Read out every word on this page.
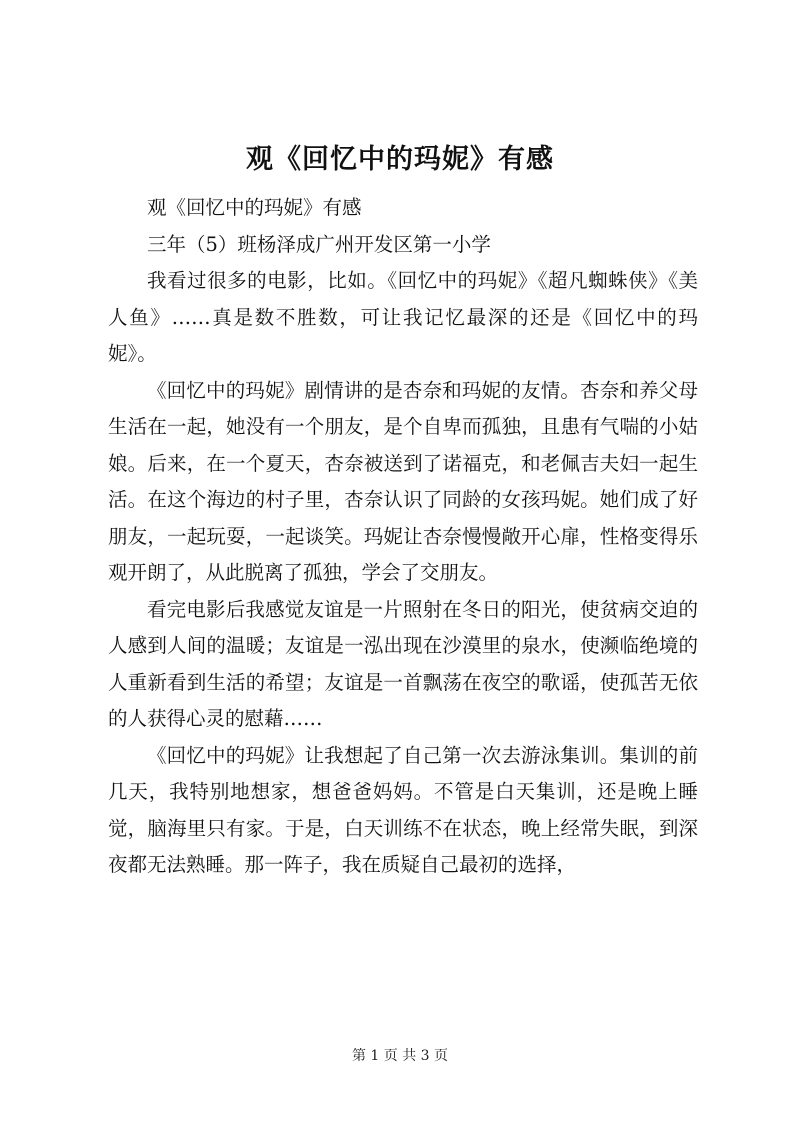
观《回忆中的玛妮》有感

观《回忆中的玛妮》有感

三年（5）班杨泽成广州开发区第一小学

我看过很多的电影，比如。《回忆中的玛妮》《超凡蜘蛛侠》《美人鱼》……真是数不胜数，可让我记忆最深的还是《回忆中的玛妮》。

《回忆中的玛妮》剧情讲的是杏奈和玛妮的友情。杏奈和养父母生活在一起，她没有一个朋友，是个自卑而孤独，且患有气喘的小姑娘。后来，在一个夏天，杏奈被送到了诺福克，和老佩吉夫妇一起生活。在这个海边的村子里，杏奈认识了同龄的女孩玛妮。她们成了好朋友，一起玩耍，一起谈笑。玛妮让杏奈慢慢敞开心扉，性格变得乐观开朗了，从此脱离了孤独，学会了交朋友。

看完电影后我感觉友谊是一片照射在冬日的阳光，使贫病交迫的人感到人间的温暖；友谊是一泓出现在沙漠里的泉水，使濒临绝境的人重新看到生活的希望；友谊是一首飘荡在夜空的歌谣，使孤苦无依的人获得心灵的慰藉……

《回忆中的玛妮》让我想起了自己第一次去游泳集训。集训的前几天，我特别地想家，想爸爸妈妈。不管是白天集训，还是晚上睡觉，脑海里只有家。于是，白天训练不在状态，晚上经常失眠，到深夜都无法熟睡。那一阵子，我在质疑自己最初的选择，

第 1 页 共 3 页
